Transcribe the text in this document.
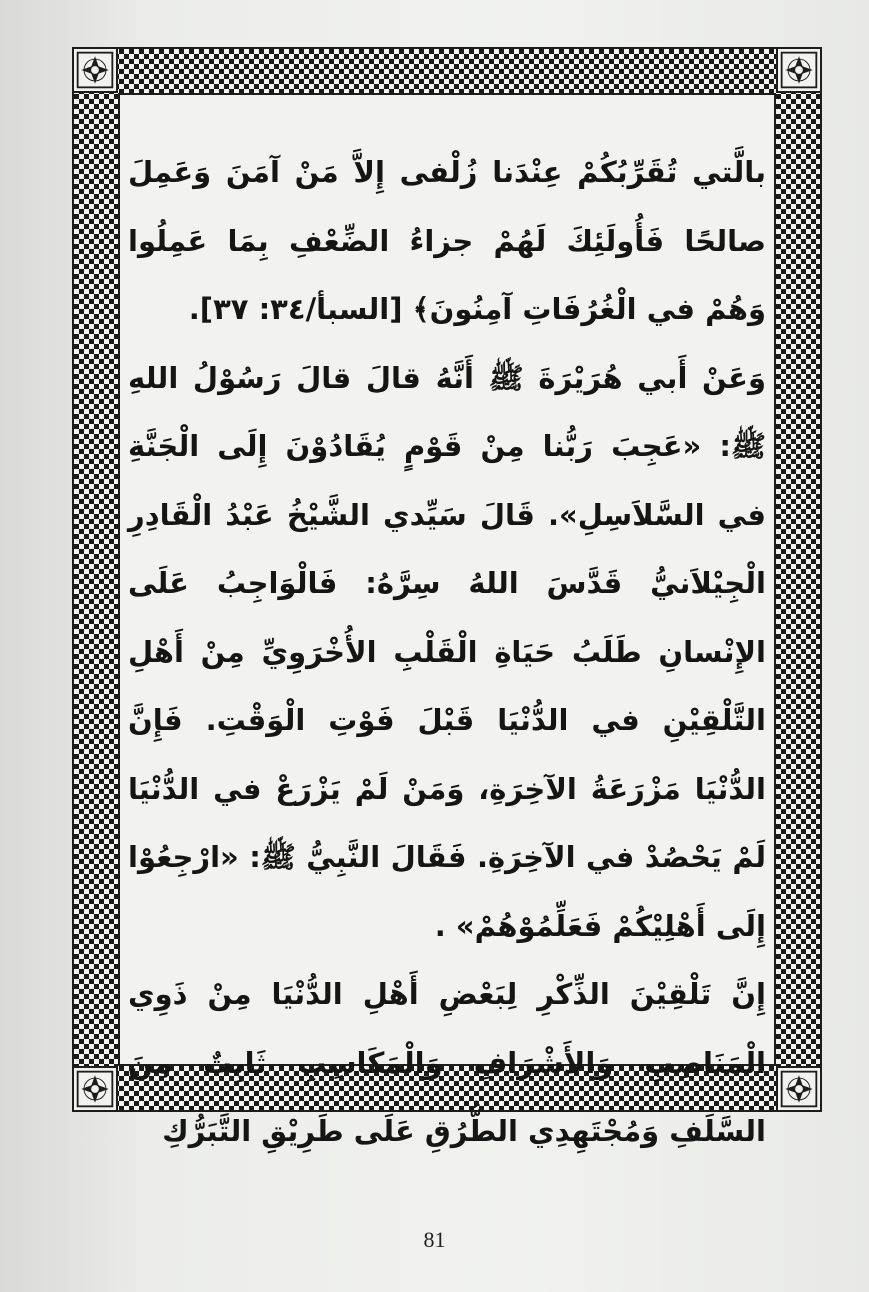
بالَّتي تُقَرِّبُكُمْ عِنْدَنا زُلْفى إِلاَّ مَنْ آمَنَ وَعَمِلَ صالحًا فَأُولَئِكَ لَهُمْ جزاءُ الضِّعْفِ بِمَا عَمِلُوا وَهُمْ في الْغُرُفَاتِ آمِنُونَ﴾ [السبأ/٣٤: ٣٧].

وَعَنْ أَبي هُرَيْرَةَ ﷺ أَنَّهُ قالَ قالَ رَسُوْلُ اللهِ ﷺ: «عَجِبَ رَبُّنا مِنْ قَوْمٍ يُقَادُوْنَ إِلَى الْجَنَّةِ في السَّلاَسِلِ». قَالَ سَيِّدي الشَّيْخُ عَبْدُ الْقَادِرِ الْجِيْلاَنيُّ قَدَّسَ اللهُ سِرَّهُ: فَالْوَاجِبُ عَلَى الإِنْسانِ طَلَبُ حَيَاةِ الْقَلْبِ الأُخْرَوِيِّ مِنْ أَهْلِ التَّلْقِيْنِ في الدُّنْيَا قَبْلَ فَوْتِ الْوَقْتِ. فَإِنَّ الدُّنْيَا مَزْرَعَةُ الآخِرَةِ، وَمَنْ لَمْ يَزْرَعْ في الدُّنْيَا لَمْ يَحْصُدْ في الآخِرَةِ. فَقَالَ النَّبِيُّ ﷺ: «ارْجِعُوْا إِلَى أَهْلِيْكُمْ فَعَلِّمُوْهُمْ» .

إِنَّ تَلْقِيْنَ الذِّكْرِ لِبَعْضِ أَهْلِ الدُّنْيَا مِنْ ذَوِي الْمَنَاصِبِ وَالأَشْرَافِ وَالْمَكَاسِبِ ثَابِتٌ مِنَ السَّلَفِ وَمُجْتَهِدِي الطُّرُقِ عَلَى طَرِيْقِ التَّبَرُّكِ

81
